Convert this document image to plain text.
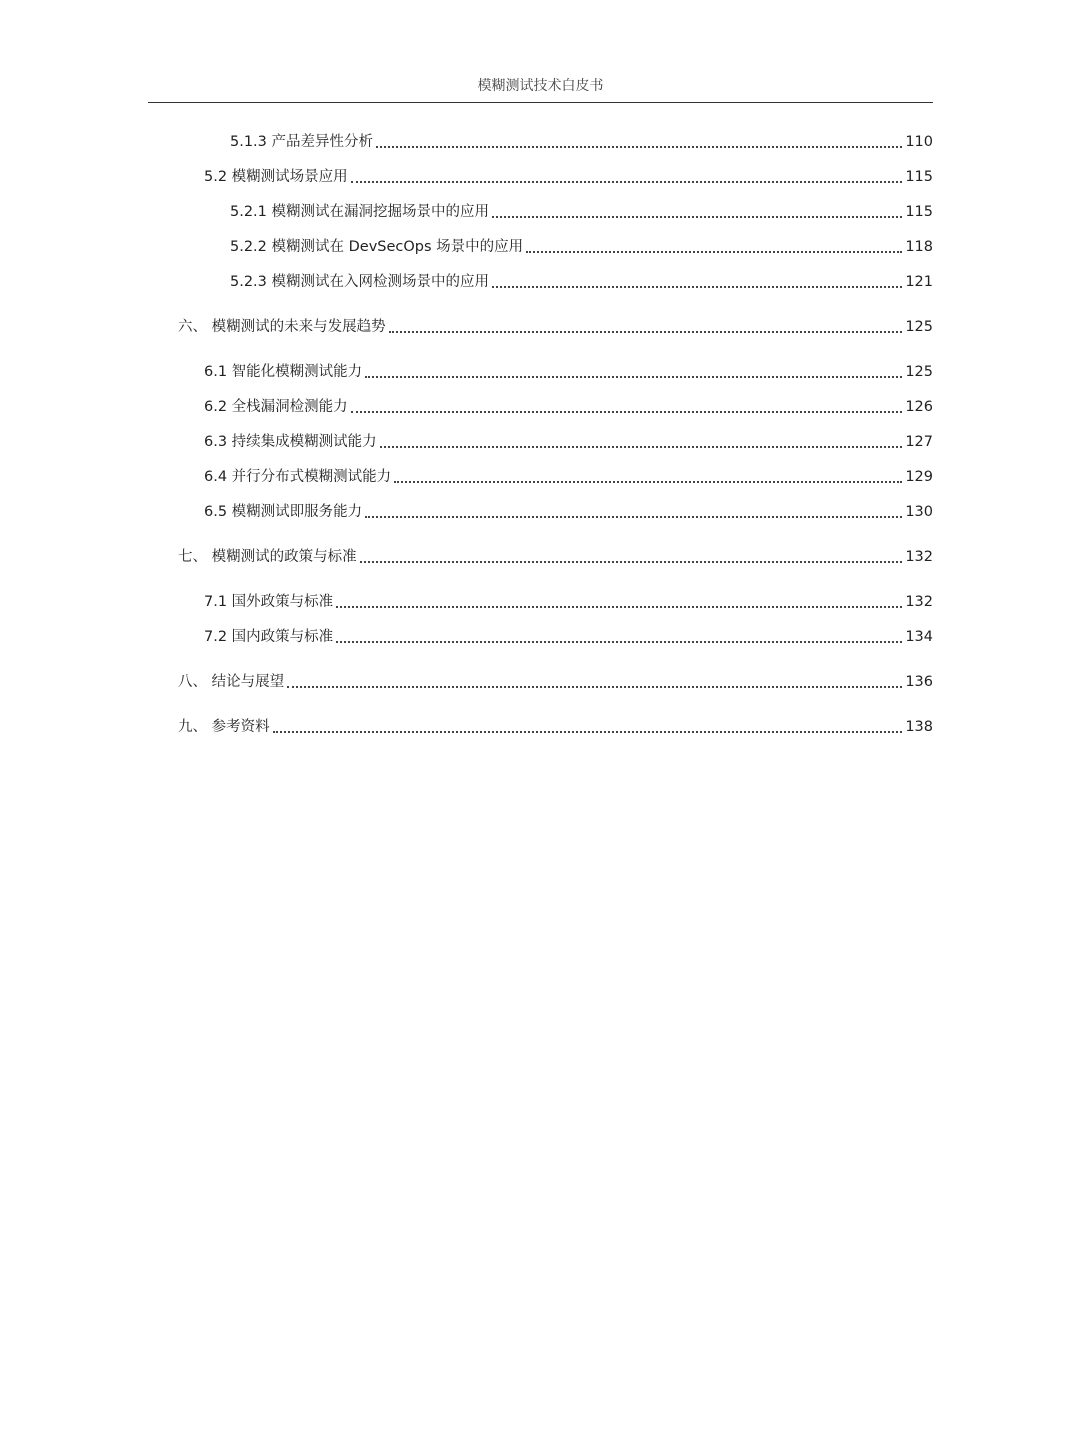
模糊测试技术白皮书
5.1.3 产品差异性分析	110
5.2 模糊测试场景应用	115
5.2.1 模糊测试在漏洞挖掘场景中的应用	115
5.2.2 模糊测试在 DevSecOps 场景中的应用	118
5.2.3 模糊测试在入网检测场景中的应用	121
六、 模糊测试的未来与发展趋势	125
6.1 智能化模糊测试能力	125
6.2 全栈漏洞检测能力	126
6.3 持续集成模糊测试能力	127
6.4 并行分布式模糊测试能力	129
6.5 模糊测试即服务能力	130
七、 模糊测试的政策与标准	132
7.1 国外政策与标准	132
7.2 国内政策与标准	134
八、 结论与展望	136
九、 参考资料	138
